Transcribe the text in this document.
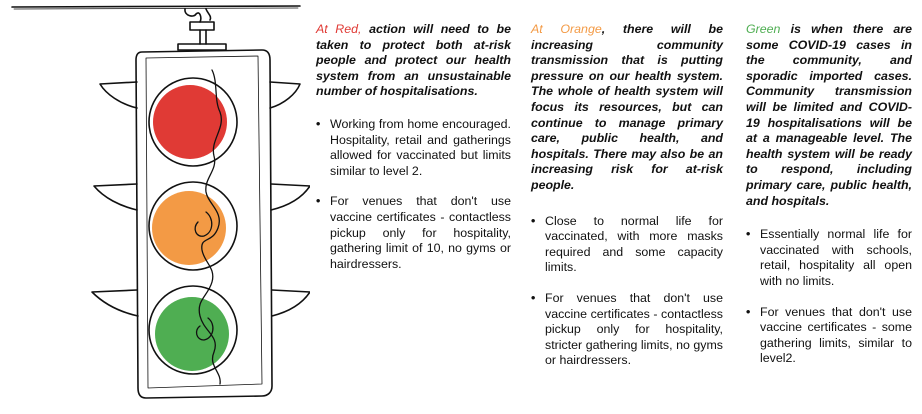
At Red, action will need to be taken to protect both at-risk people and protect our health system from an unsustainable number of hospitalisations.

• Working from home encouraged. Hospitality, retail and gatherings allowed for vaccinated but limits similar to level 2.
• For venues that don't use vaccine certificates - contactless pickup only for hospitality, gathering limit of 10, no gyms or hairdressers.

At Orange, there will be increasing community transmission that is putting pressure on our health system. The whole of health system will focus its resources, but can continue to manage primary care, public health, and hospitals. There may also be an increasing risk for at-risk people.

• Close to normal life for vaccinated, with more masks required and some capacity limits.
• For venues that don't use vaccine certificates - contactless pickup only for hospitality, stricter gathering limits, no gyms or hairdressers.

Green is when there are some COVID-19 cases in the community, and sporadic imported cases. Community transmission will be limited and COVID-19 hospitalisations will be at a manageable level. The health system will be ready to respond, including primary care, public health, and hospitals.

• Essentially normal life for vaccinated with schools, retail, hospitality all open with no limits.
• For venues that don't use vaccine certificates - some gathering limits, similar to level2.
